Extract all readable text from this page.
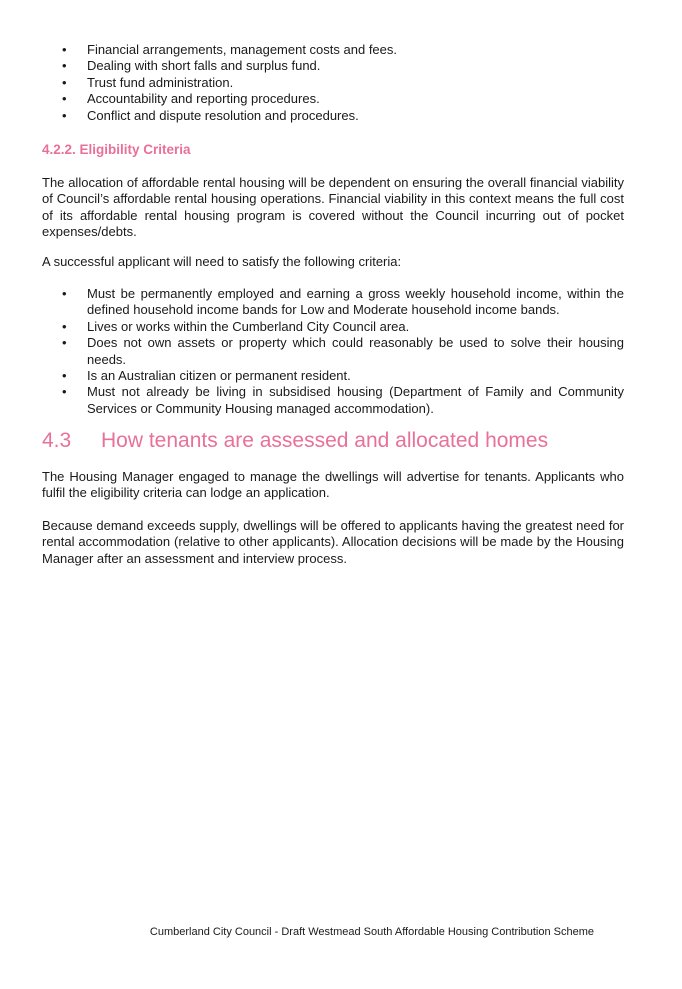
• Financial arrangements, management costs and fees.
• Dealing with short falls and surplus fund.
• Trust fund administration.
• Accountability and reporting procedures.
• Conflict and dispute resolution and procedures.
4.2.2. Eligibility Criteria

The allocation of affordable rental housing will be dependent on ensuring the overall financial viability of Council’s affordable rental housing operations. Financial viability in this context means the full cost of its affordable rental housing program is covered without the Council incurring out of pocket expenses/debts.

A successful applicant will need to satisfy the following criteria:

• Must be permanently employed and earning a gross weekly household income, within the defined household income bands for Low and Moderate household income bands.
• Lives or works within the Cumberland City Council area.
• Does not own assets or property which could reasonably be used to solve their housing needs.
• Is an Australian citizen or permanent resident.
• Must not already be living in subsidised housing (Department of Family and Community Services or Community Housing managed accommodation).
4.3 How tenants are assessed and allocated homes

The Housing Manager engaged to manage the dwellings will advertise for tenants. Applicants who fulfil the eligibility criteria can lodge an application.

Because demand exceeds supply, dwellings will be offered to applicants having the greatest need for rental accommodation (relative to other applicants). Allocation decisions will be made by the Housing Manager after an assessment and interview process.

Cumberland City Council - Draft Westmead South Affordable Housing Contribution Scheme
